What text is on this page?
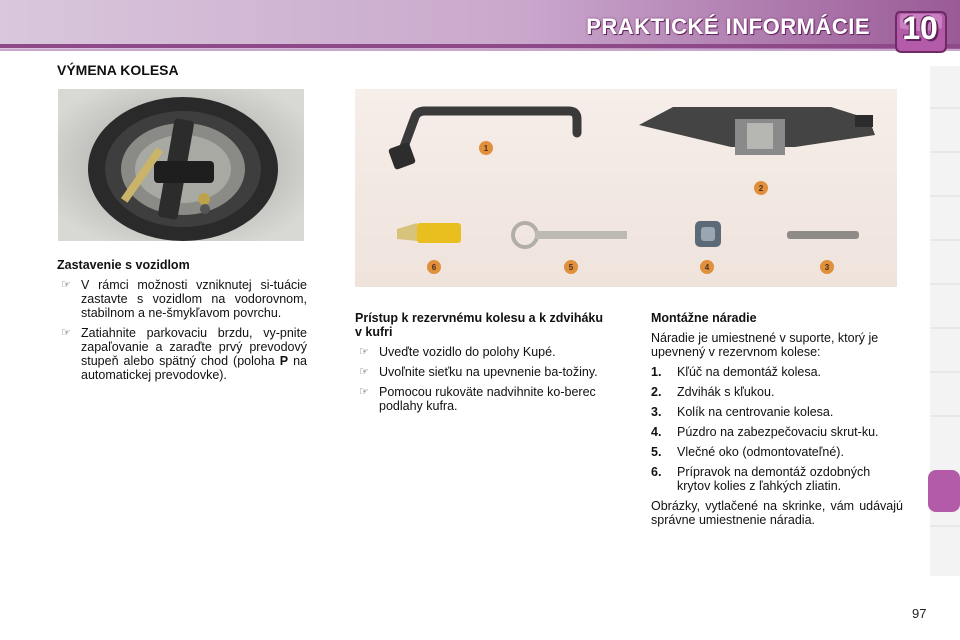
PRAKTICKÉ INFORMÁCIE 10
VÝMENA KOLESA
1
2
3
4
5
6
Zastavenie s vozidlom
☞ V rámci možnosti vzniknutej si-tuácie zastavte s vozidlom na vodorovnom, stabilnom a ne-šmykľavom povrchu.
☞ Zatiahnite parkovaciu brzdu, vy-pnite zapaľovanie a zaraďte prvý prevodový stupeň alebo spätný chod (poloha P na automatickej prevodovke).
Prístup k rezervnému kolesu a k zdviháku v kufri
☞ Uveďte vozidlo do polohy Kupé.
☞ Uvoľnite sieťku na upevnenie ba-tožiny.
☞ Pomocou rukoväte nadvihnite ko-berec podlahy kufra.
Montážne náradie
Náradie je umiestnené v suporte, ktorý je upevnený v rezervnom kolese:
1. Kľúč na demontáž kolesa.
2. Zdvihák s kľukou.
3. Kolík na centrovanie kolesa.
4. Púzdro na zabezpečovaciu skrut-ku.
5. Vlečné oko (odmontovateľné).
6. Prípravok na demontáž ozdobných krytov kolies z ľahkých zliatin.
Obrázky, vytlačené na skrinke, vám udávajú správne umiestnenie náradia.
97
